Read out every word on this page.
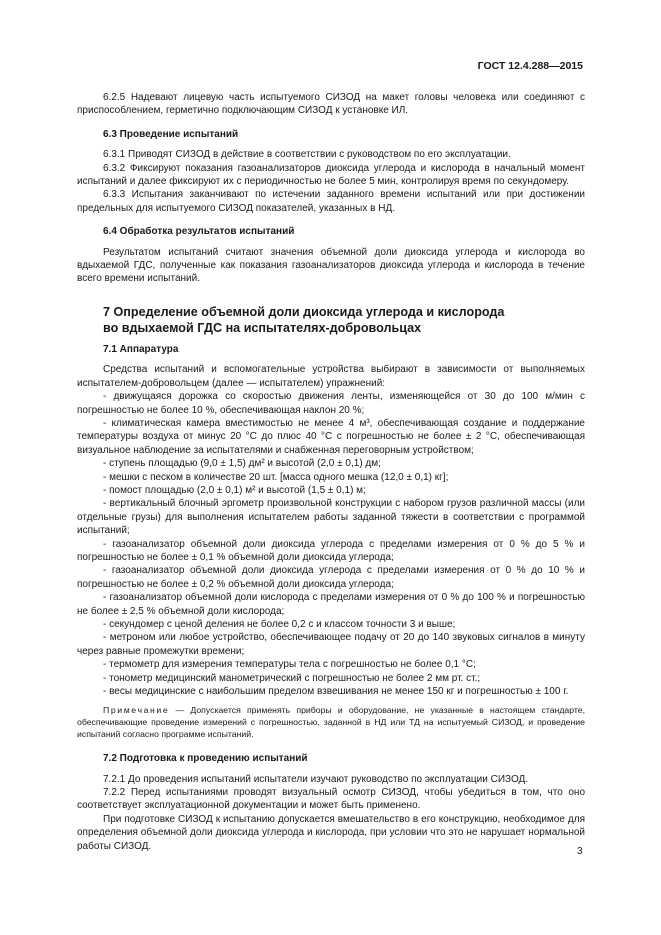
ГОСТ 12.4.288—2015

6.2.5 Надевают лицевую часть испытуемого СИЗОД на макет головы человека или соединяют с приспособлением, герметично подключающим СИЗОД к установке ИЛ.

6.3 Проведение испытаний

6.3.1 Приводят СИЗОД в действие в соответствии с руководством по его эксплуатации.

6.3.2 Фиксируют показания газоанализаторов диоксида углерода и кислорода в начальный момент испытаний и далее фиксируют их с периодичностью не более 5 мин, контролируя время по секундомеру.

6.3.3 Испытания заканчивают по истечении заданного времени испытаний или при достижении предельных для испытуемого СИЗОД показателей, указанных в НД.

6.4 Обработка результатов испытаний

Результатом испытаний считают значения объемной доли диоксида углерода и кислорода во вдыхаемой ГДС, полученные как показания газоанализаторов диоксида углерода и кислорода в течение всего времени испытаний.

7 Определение объемной доли диоксида углерода и кислорода
во вдыхаемой ГДС на испытателях-добровольцах

7.1 Аппаратура

Средства испытаний и вспомогательные устройства выбирают в зависимости от выполняемых испытателем-добровольцем (далее — испытателем) упражнений:

- движущаяся дорожка со скоростью движения ленты, изменяющейся от 30 до 100 м/мин с погрешностью не более 10 %, обеспечивающая наклон 20 %;

- климатическая камера вместимостью не менее 4 м³, обеспечивающая создание и поддержание температуры воздуха от минус 20 °С до плюс 40 °С с погрешностью не более ± 2 °С, обеспечивающая визуальное наблюдение за испытателями и снабженная переговорным устройством;

- ступень площадью (9,0 ± 1,5) дм² и высотой (2,0 ± 0,1) дм;

- мешки с песком в количестве 20 шт. [масса одного мешка (12,0 ± 0,1) кг];

- помост площадью (2,0 ± 0,1) м² и высотой (1,5 ± 0,1) м;

- вертикальный блочный эргометр произвольной конструкции с набором грузов различной массы (или отдельные грузы) для выполнения испытателем работы заданной тяжести в соответствии с программой испытаний;

- газоанализатор объемной доли диоксида углерода с пределами измерения от 0 % до 5 % и погрешностью не более ± 0,1 % объемной доли диоксида углерода;

- газоанализатор объемной доли диоксида углерода с пределами измерения от 0 % до 10 % и погрешностью не более ± 0,2 % объемной доли диоксида углерода;

- газоанализатор объемной доли кислорода с пределами измерения от 0 % до 100 % и погрешностью не более ± 2,5 % объемной доли кислорода;

- секундомер с ценой деления не более 0,2 с и классом точности 3 и выше;

- метроном или любое устройство, обеспечивающее подачу от 20 до 140 звуковых сигналов в минуту через равные промежутки времени;

- термометр для измерения температуры тела с погрешностью не более 0,1 °С;

- тонометр медицинский манометрический с погрешностью не более 2 мм рт. ст.;

- весы медицинские с наибольшим пределом взвешивания не менее 150 кг и погрешностью ± 100 г.

Примечание — Допускается применять приборы и оборудование, не указанные в настоящем стандарте, обеспечивающие проведение измерений с погрешностью, заданной в НД или ТД на испытуемый СИЗОД, и проведение испытаний согласно программе испытаний.

7.2 Подготовка к проведению испытаний

7.2.1 До проведения испытаний испытатели изучают руководство по эксплуатации СИЗОД.

7.2.2 Перед испытаниями проводят визуальный осмотр СИЗОД, чтобы убедиться в том, что оно соответствует эксплуатационной документации и может быть применено.

При подготовке СИЗОД к испытанию допускается вмешательство в его конструкцию, необходимое для определения объемной доли диоксида углерода и кислорода, при условии что это не нарушает нормальной работы СИЗОД.	3
